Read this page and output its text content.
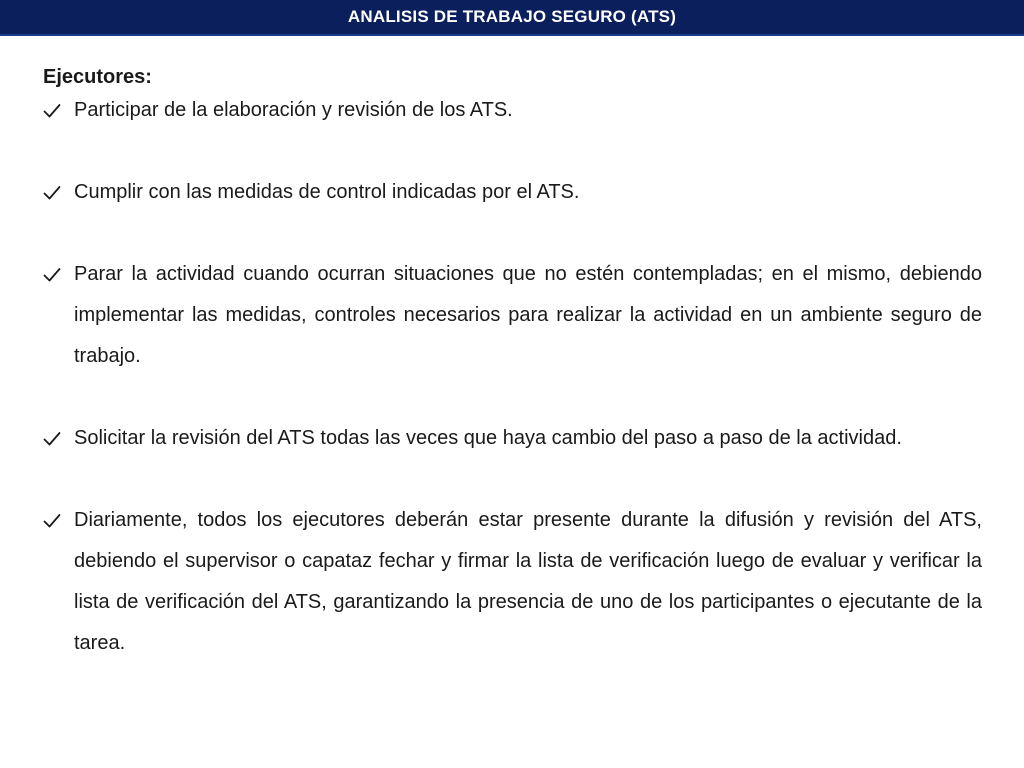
ANALISIS DE TRABAJO SEGURO (ATS)
Ejecutores:
Participar de la elaboración y revisión de los ATS.
Cumplir con las medidas de control indicadas por el ATS.
Parar la actividad cuando ocurran situaciones que no estén contempladas; en el mismo, debiendo implementar las medidas, controles necesarios para realizar la actividad en un ambiente seguro de trabajo.
Solicitar la revisión del ATS todas las veces que haya cambio del paso a paso de la actividad.
Diariamente, todos los ejecutores deberán estar presente durante la difusión y revisión del ATS, debiendo el supervisor o capataz fechar y firmar la lista de verificación luego de evaluar y verificar la lista de verificación del ATS, garantizando la presencia de uno de los participantes o ejecutante de la tarea.
